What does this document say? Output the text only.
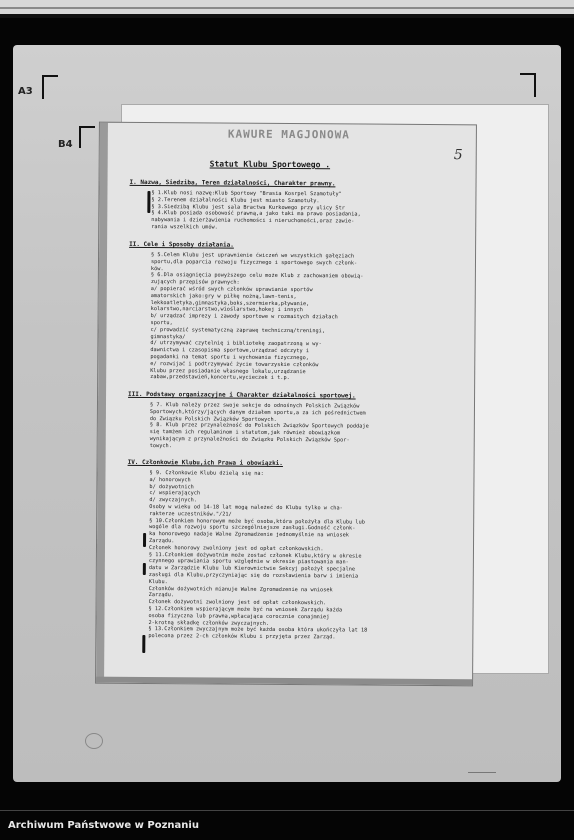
A3
B4
KAWURE MAGJONOWA
5
Statut Klubu Sportowego .
I. Nazwa, Siedziba, Teren działalności, Charakter prawny.
§ 1.Klub nosi nazwę:Klub Sportowy "Brasia Kosrpel Szamotuły"
§ 2.Terenem działalności Klubu jest miasto Szamotuły.
§ 3.Siedzibą Klubu jest sala Bractwa Kurkowego przy ulicy Str
§ 4.Klub posiada osobowość prawną,a jako taki ma prawo posiadania,
nabywania i dzierżawienia ruchomości i nieruchomości,oraz zawie-
rania wszelkich umów.
II. Cele i Sposoby działania.
§ 5.Celem Klubu jest uprawnienie ćwiczeń we wszystkich gałęziach
sportu,dla poparcia rozwoju fizycznego i sportowego swych członk-
ków.
§ 6.Dla osiągnięcia powyższego celu może Klub z zachowaniem obowią-
zujących przepisów prawnych:
a/ popierać wśród swych członków uprawianie sportów
amatorskich jako:gry w piłkę nożną,lawn-tenis,
lekkoatletyka,gimnastyka,boks,szermierka,pływanie,
kolarstwo,narciarstwo,wioślarstwo,hokej i innych
b/ urządzać imprezy i zawody sportowe w rozmaitych działach
sportu,
c/ prowadzić systematyczną zaprawę techniczną/treningi,
gimnastyka/
d/ utrzymywać czytelnię i bibliotekę zaopatrzoną w wy-
dawnictwa i czasopisma sportowe,urządzać odczyty i
pogadanki na temat sportu i wychowania fizycznego,
e/ rozwijać i podtrzymywać życie towarzyskie członków
Klubu przez posiadanie własnego lokalu,urządzanie
zabaw,przedstawień,koncertu,wycieczek i t.p.
III. Podstawy organizacyjne i Charakter działalności sportowej.
§ 7. Klub należy przez swoje sekcje do odnośnych Polskich Związków
Sportowych,którzy/jących danym działem sportu,a za ich pośrednictwem
do Związku Polskich Związków Sportowych.
§ 8. Klub przez przynależność do Polskich Związków Sportowych poddaje
się tamżem ich regulaminom i statutom,jak również obowiązkom
wynikającym z przynależności do Związku Polskich Związków Spor-
towych.
IV. Członkowie Klubu,ich Prawa i obowiązki.
§ 9. Członkowie Klubu dzielą się na:
a/ honorowych
b/ dożywotnich
c/ wspierających
d/ zwyczajnych.
Osoby w wieku od 14-18 lat mogą należeć do Klubu tylko w cha-
rakterze uczestników."/21/
§ 10.Członkiem honorowym może być osoba,która położyła dla Klubu lub
wogóle dla rozwoju sportu szczególniejsze zasługi.Godność członk-
ka honorowego nadaje Walne Zgromadzenie jednomyślnie na wniosek
Zarządu.
Członek honorowy zwolniony jest od opłat członkowskich.
§ 11.Członkiem dożywotnim może zostać członek Klubu,który w okresie
czynnego uprawiania sportu względnie w okresie piastowania man-
datu w Zarządzie Klubu lub Kierownictwie Sekcyj położył specjalne
zasługi dla Klubu,przyczyniając się do rozsławienia barw i imienia
Klubu.
Członków dożywotnich mianuje Walne Zgromadzenie na wniosek
Zarządu.
Członek dożywotni zwolniony jest od opłat członkowskich.
§ 12.Członkiem wspierającym może być na wniosek Zarządu każda
osoba fizyczna lub prawna,wpłacająca corocznie conajmniej
2-krotną składkę członków zwyczajnych.
§ 13.Członkiem zwyczajnym może być każda osoba która ukończyła lat 18
polecona przez 2-ch członków Klubu i przyjęta przez Zarząd.
Archiwum Państwowe w Poznaniu
